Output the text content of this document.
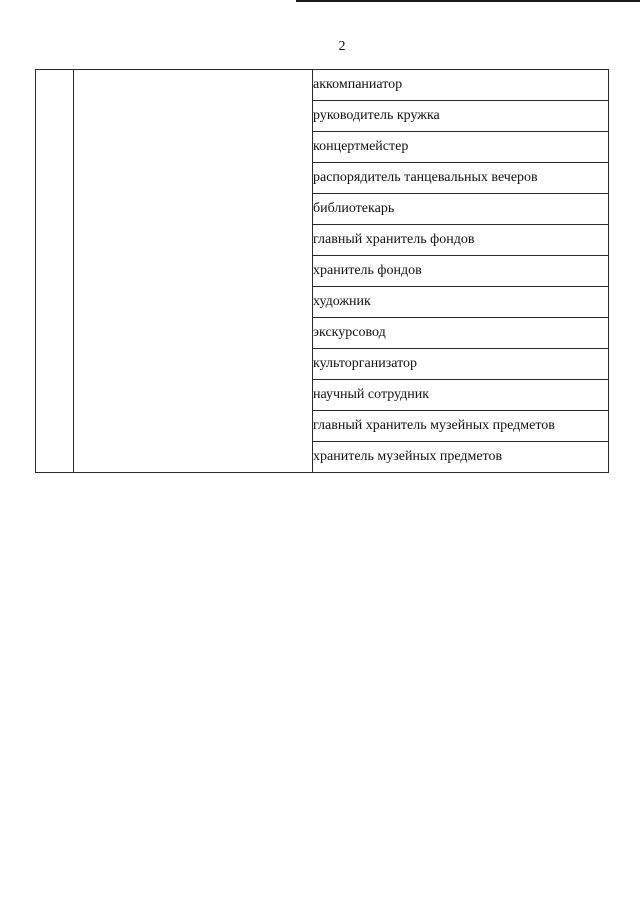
2
		аккомпаниатор
руководитель кружка
концертмейстер
распорядитель танцевальных вечеров
библиотекарь
главный хранитель фондов
хранитель фондов
художник
экскурсовод
культорганизатор
научный сотрудник
главный хранитель музейных предметов
хранитель музейных предметов
